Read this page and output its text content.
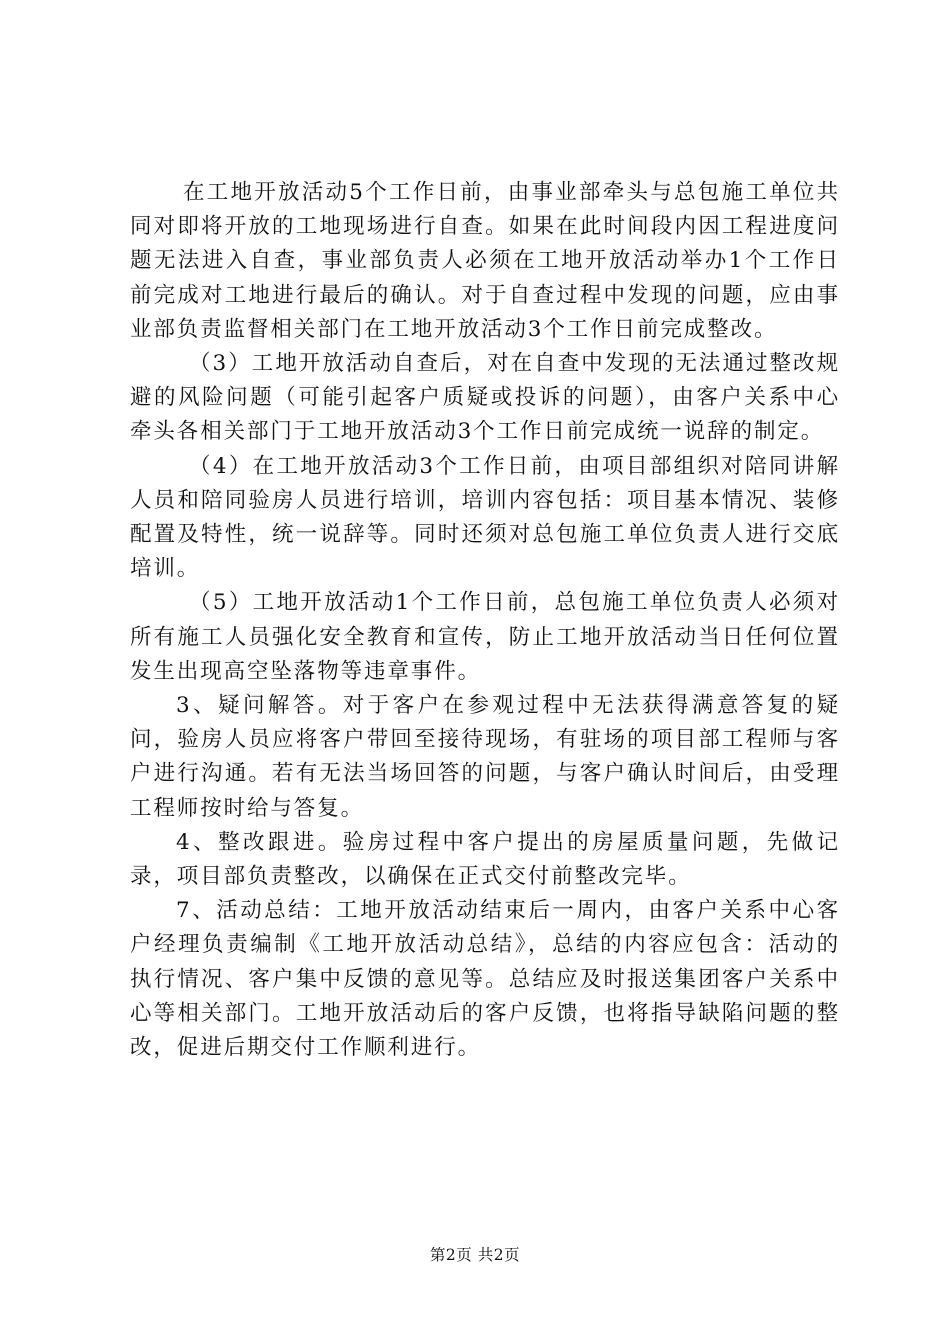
在工地开放活动5个工作日前，由事业部牵头与总包施工单位共同对即将开放的工地现场进行自查。如果在此时间段内因工程进度问题无法进入自查，事业部负责人必须在工地开放活动举办1个工作日前完成对工地进行最后的确认。对于自查过程中发现的问题，应由事业部负责监督相关部门在工地开放活动3个工作日前完成整改。

（3）工地开放活动自查后，对在自查中发现的无法通过整改规避的风险问题（可能引起客户质疑或投诉的问题），由客户关系中心牵头各相关部门于工地开放活动3个工作日前完成统一说辞的制定。

（4）在工地开放活动3个工作日前，由项目部组织对陪同讲解人员和陪同验房人员进行培训，培训内容包括：项目基本情况、装修配置及特性，统一说辞等。同时还须对总包施工单位负责人进行交底培训。

（5）工地开放活动1个工作日前，总包施工单位负责人必须对所有施工人员强化安全教育和宣传，防止工地开放活动当日任何位置发生出现高空坠落物等违章事件。

3、疑问解答。对于客户在参观过程中无法获得满意答复的疑问，验房人员应将客户带回至接待现场，有驻场的项目部工程师与客户进行沟通。若有无法当场回答的问题，与客户确认时间后，由受理工程师按时给与答复。

4、整改跟进。验房过程中客户提出的房屋质量问题，先做记录，项目部负责整改，以确保在正式交付前整改完毕。

7、活动总结：工地开放活动结束后一周内，由客户关系中心客户经理负责编制《工地开放活动总结》，总结的内容应包含：活动的执行情况、客户集中反馈的意见等。总结应及时报送集团客户关系中心等相关部门。工地开放活动后的客户反馈，也将指导缺陷问题的整改，促进后期交付工作顺利进行。

第2页 共2页
